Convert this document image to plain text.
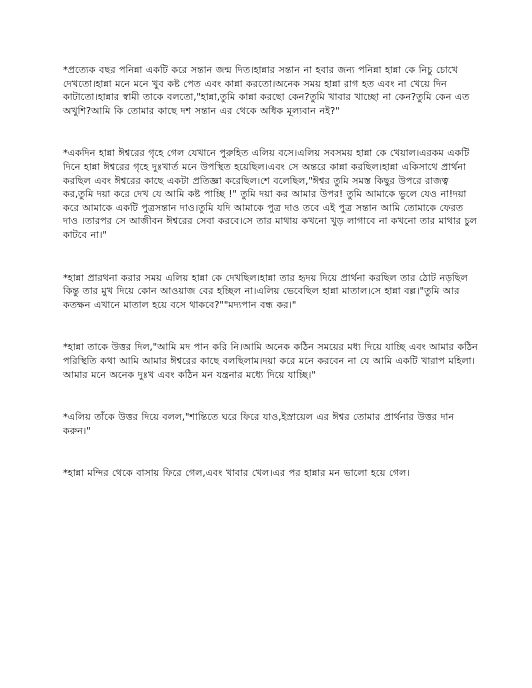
*প্রত্যেক বছর পনিন্না একটি করে সন্তান জন্ম দিত।হান্নার সন্তান না হবার জন্য পনিন্না হান্না কে নিচু চোখে দেখতো।হান্না মনে মনে খুব কষ্ট পেত এবং কান্না করতো।অনেক সময় হান্না রাগ হত এবং না খেয়ে দিন কাটাতো।হান্নার স্বামী তাকে বলতো,"হান্না,তুমি কান্না করছো কেন?তুমি খাবার খাচ্ছো না কেন?তুমি কেন এত অখুশি?আমি কি তোমার কাছে দশ সন্তান এর থেকে অধিক মূল্যবান নই?"

*একদিন হান্না ঈশ্বরের গৃহে গেল যেখানে পুরুহিত এলিয় বসে।এলিয় সবসময় হান্না কে খেয়াল।এরকম একটি দিনে হান্না ঈশ্বরের গৃহে দুঃখার্ত মনে উপস্থিত হয়েছিল।এবং সে অন্তরে কান্না করছিল।হান্না একিসাথে প্রার্থনা করছিল এবং ঈশ্বরের কাছে একটা প্রতিজ্ঞা করেছিল।শে বলেছিল,"ঈশ্বর তুমি সমস্ত কিছুর উপরে রাজত্ব কর,তুমি দয়া করে দেখ যে আমি কষ্ট পাচ্ছি !" তুমি দয়া কর আমার উপর! তুমি আমাকে ভুলে যেও না!দয়া করে আমাকে একটি পুত্রসন্তান দাও।তুমি যদি আমাকে পুত্র দাও তবে এই পুত্র সন্তান আমি তোমাকে ফেরত দাও ।তারপর সে আজীবন ঈশ্বরের সেবা করবে।সে তার মাথায় কখনো খুড় লাগাবে না কখনো তার মাথার চুল কাটবে না।"

*হান্না প্রারথনা করার সময় এলিয় হান্না কে দেখছিল।হান্না তার হৃদয় দিয়ে প্রার্থনা করছিল তার ঠোট নড়ছিল কিন্তু তার মুখ দিয়ে কোন আওয়াজ বের হচ্ছিল না।এলিয় ভেবেছিল হান্না মাতাল।সে হান্না বল্ল।"তুমি আর কতক্ষন এখানে মাতাল হয়ে বসে থাকবে?""মদ্যপান বন্ধ কর।"

*হান্না তাকে উত্তর দিল,"আমি মদ পান করি নি।আমি অনেক কঠিন সময়ের মধ্য দিয়ে যাচ্ছি এবং আমার কঠিন পরিস্থিতি কথা আমি আমার ঈশ্বরের কাছে বলছিলাম।দয়া করে মনে করবেন না যে আমি একটি খারাপ মহিলা।আমার মনে অনেক দুঃখ এবং কঠিন মন যন্ত্রনার মধ্যে দিয়ে যাচ্ছি।"

*এলিয় তাঁকে উত্তর দিয়ে বলল,"শান্তিতে ঘরে ফিরে যাও,ইস্রায়েল এর ঈশ্বর তোমার প্রার্থনার উত্তর দান করুন।"

*হান্না মন্দির থেকে বাসায় ফিরে গেল,এবং খাবার খেল।এর পর হান্নার মন ভালো হয়ে গেল।
